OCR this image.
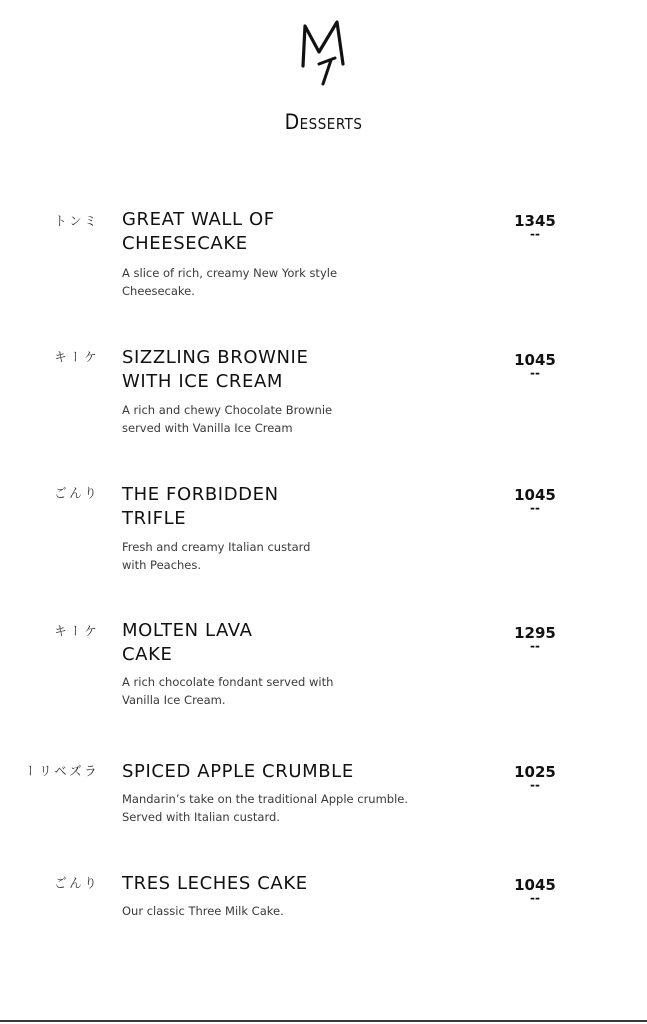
Desserts
ミント	GREAT WALL OF
CHEESECAKE
A slice of rich, creamy New York style
Cheesecake.
1345
--
ケーキ	SIZZLING BROWNIE
WITH ICE CREAM
A rich and chewy Chocolate Brownie
served with Vanilla Ice Cream
1045
--
りんご	THE FORBIDDEN
TRIFLE
Fresh and creamy Italian custard
with Peaches.
1045
--
ケーキ	MOLTEN LAVA
CAKE
A rich chocolate fondant served with
Vanilla Ice Cream.
1295
--
ラズベリー	SPICED APPLE CRUMBLE
Mandarin’s take on the traditional Apple crumble.
Served with Italian custard.
1025
--
りんご	TRES LECHES CAKE
Our classic Three Milk Cake.
1045
--
